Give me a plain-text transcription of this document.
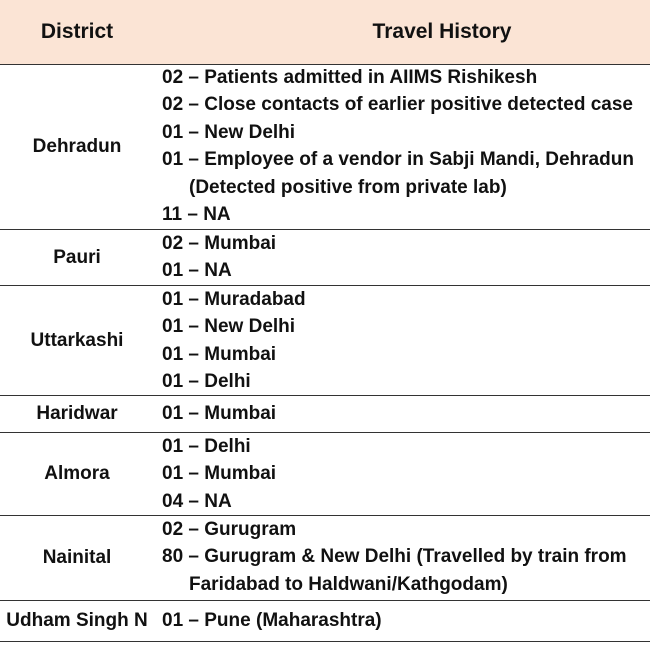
District	Travel History
Dehradun
02 – Patients admitted in AIIMS Rishikesh
02 – Close contacts of earlier positive detected case
01 – New Delhi
01 – Employee of a vendor in Sabji Mandi, Dehradun
(Detected positive from private lab)
11 – NA
Pauri
02 – Mumbai
01 – NA
Uttarkashi
01 – Muradabad
01 – New Delhi
01 – Mumbai
01 – Delhi
Haridwar	01 – Mumbai
Almora
01 – Delhi
01 – Mumbai
04 – NA
Nainital
02 – Gurugram
80 – Gurugram & New Delhi (Travelled by train from
Faridabad to Haldwani/Kathgodam)
Udham Singh N 01 – Pune (Maharashtra)
